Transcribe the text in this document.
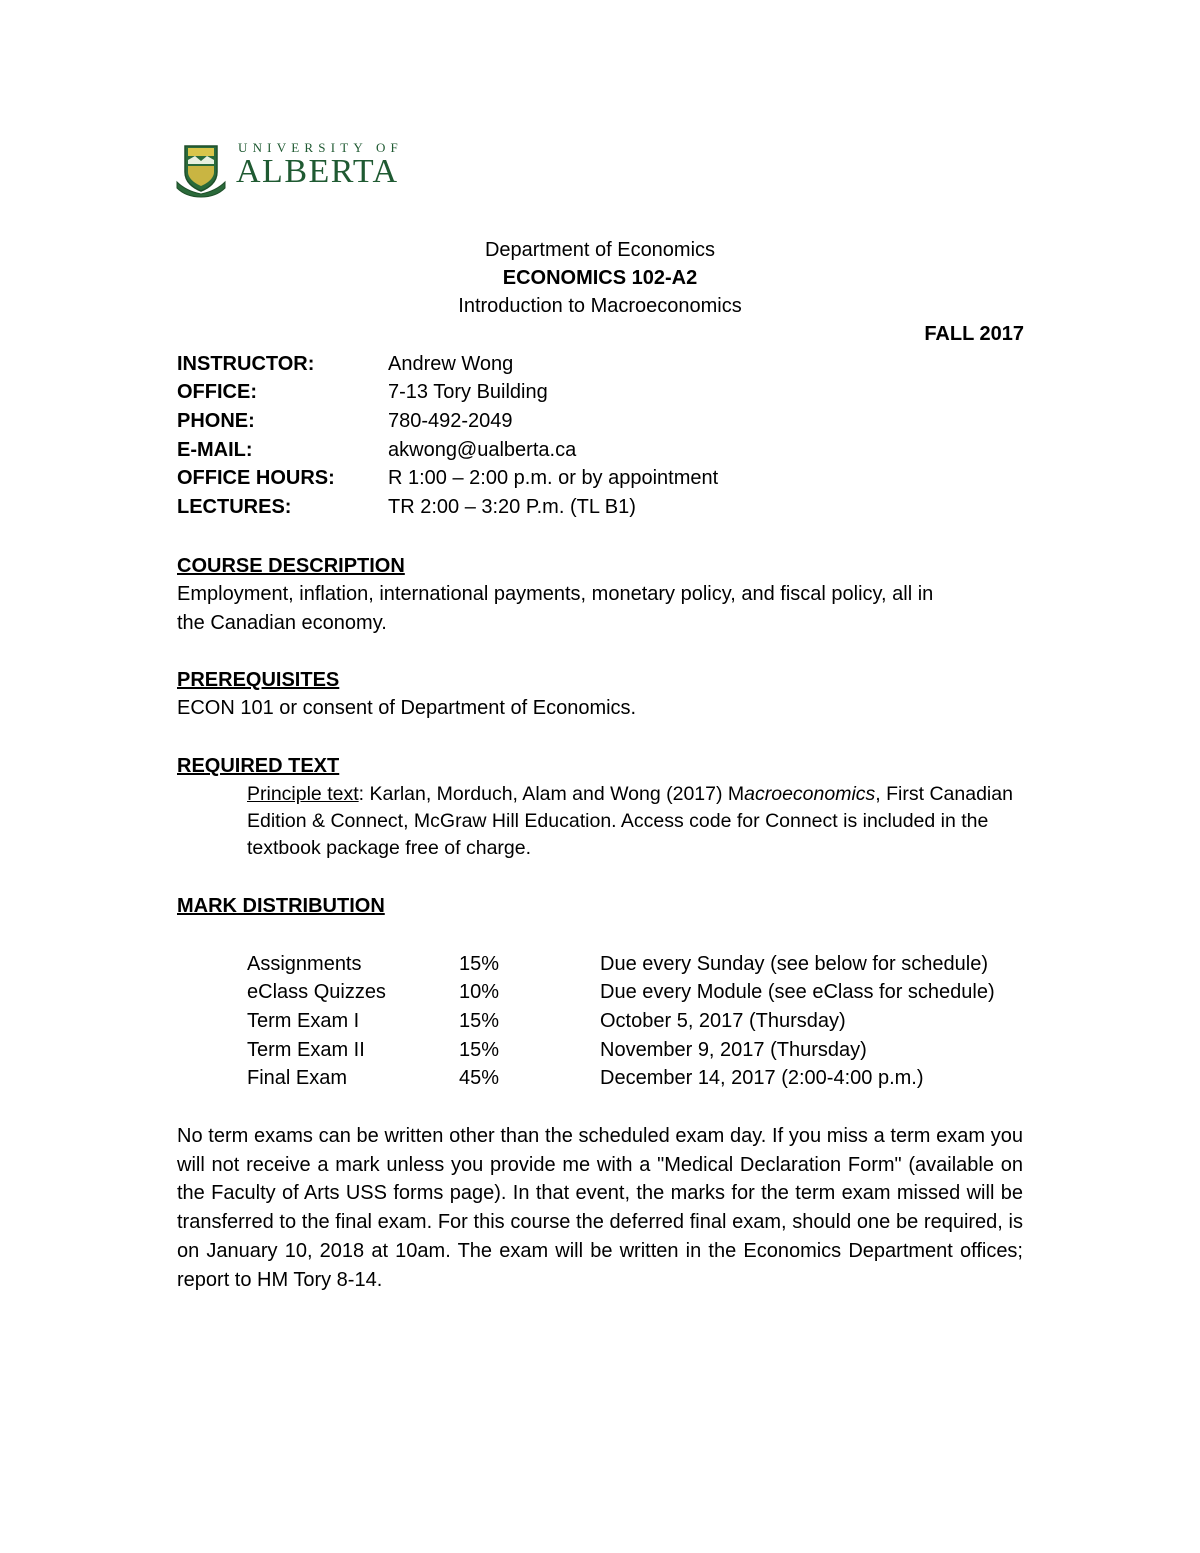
UNIVERSITY OF
ALBERTA
Department of Economics
ECONOMICS 102-A2
Introduction to Macroeconomics
FALL 2017
INSTRUCTOR:	Andrew Wong
OFFICE:	7-13 Tory Building
PHONE:	780-492-2049
E-MAIL:	akwong@ualberta.ca
OFFICE HOURS:	R 1:00 – 2:00 p.m. or by appointment
LECTURES:	TR 2:00 – 3:20 P.m. (TL B1)
COURSE DESCRIPTION
Employment, inflation, international payments, monetary policy, and fiscal policy, all in
the Canadian economy.
PREREQUISITES
ECON 101 or consent of Department of Economics.
REQUIRED TEXT
Principle text: Karlan, Morduch, Alam and Wong (2017) Macroeconomics, First Canadian Edition & Connect, McGraw Hill Education. Access code for Connect is included in the textbook package free of charge.
MARK DISTRIBUTION
Assignments	15%	Due every Sunday (see below for schedule)
eClass Quizzes	10%	Due every Module (see eClass for schedule)
Term Exam I	15%	October 5, 2017 (Thursday)
Term Exam II	15%	November 9, 2017 (Thursday)
Final Exam	45%	December 14, 2017 (2:00-4:00 p.m.)
No term exams can be written other than the scheduled exam day. If you miss a term exam you will not receive a mark unless you provide me with a "Medical Declaration Form" (available on the Faculty of Arts USS forms page). In that event, the marks for the term exam missed will be transferred to the final exam. For this course the deferred final exam, should one be required, is on January 10, 2018 at 10am. The exam will be written in the Economics Department offices; report to HM Tory 8-14.
